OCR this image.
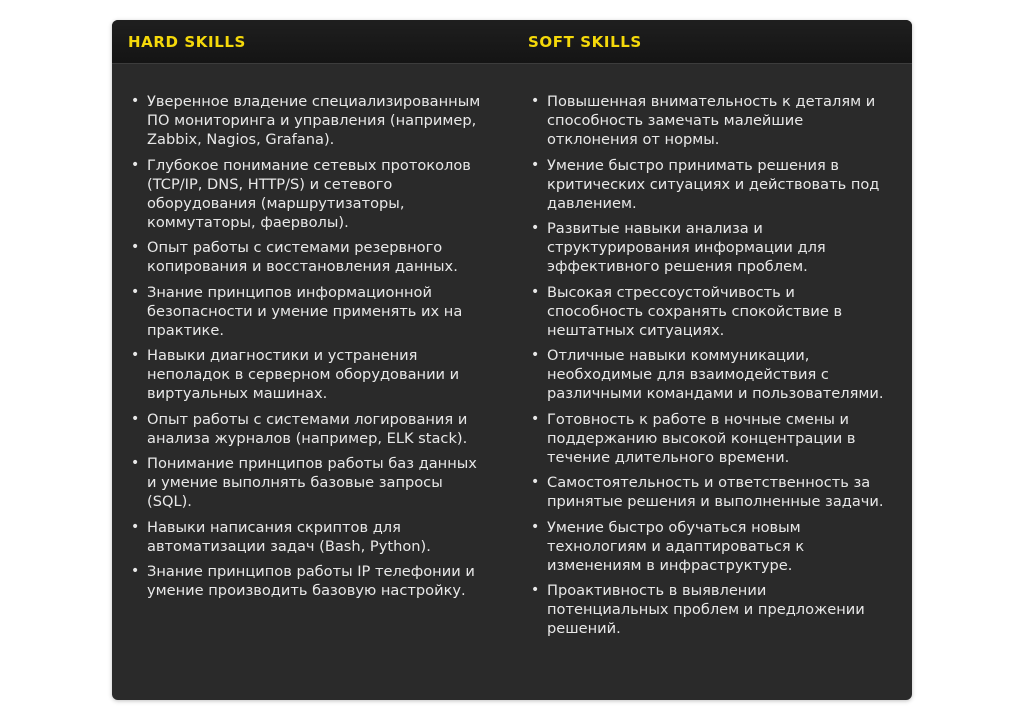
HARD SKILLS	SOFT SKILLS
• Уверенное владение специализированным ПО мониторинга и управления (например, Zabbix, Nagios, Grafana).
• Глубокое понимание сетевых протоколов (TCP/IP, DNS, HTTP/S) и сетевого оборудования (маршрутизаторы, коммутаторы, фаерволы).
• Опыт работы с системами резервного копирования и восстановления данных.
• Знание принципов информационной безопасности и умение применять их на практике.
• Навыки диагностики и устранения неполадок в серверном оборудовании и виртуальных машинах.
• Опыт работы с системами логирования и анализа журналов (например, ELK stack).
• Понимание принципов работы баз данных и умение выполнять базовые запросы (SQL).
• Навыки написания скриптов для автоматизации задач (Bash, Python).
• Знание принципов работы IP телефонии и умение производить базовую настройку.
• Повышенная внимательность к деталям и способность замечать малейшие отклонения от нормы.
• Умение быстро принимать решения в критических ситуациях и действовать под давлением.
• Развитые навыки анализа и структурирования информации для эффективного решения проблем.
• Высокая стрессоустойчивость и способность сохранять спокойствие в нештатных ситуациях.
• Отличные навыки коммуникации, необходимые для взаимодействия с различными командами и пользователями.
• Готовность к работе в ночные смены и поддержанию высокой концентрации в течение длительного времени.
• Самостоятельность и ответственность за принятые решения и выполненные задачи.
• Умение быстро обучаться новым технологиям и адаптироваться к изменениям в инфраструктуре.
• Проактивность в выявлении потенциальных проблем и предложении решений.
